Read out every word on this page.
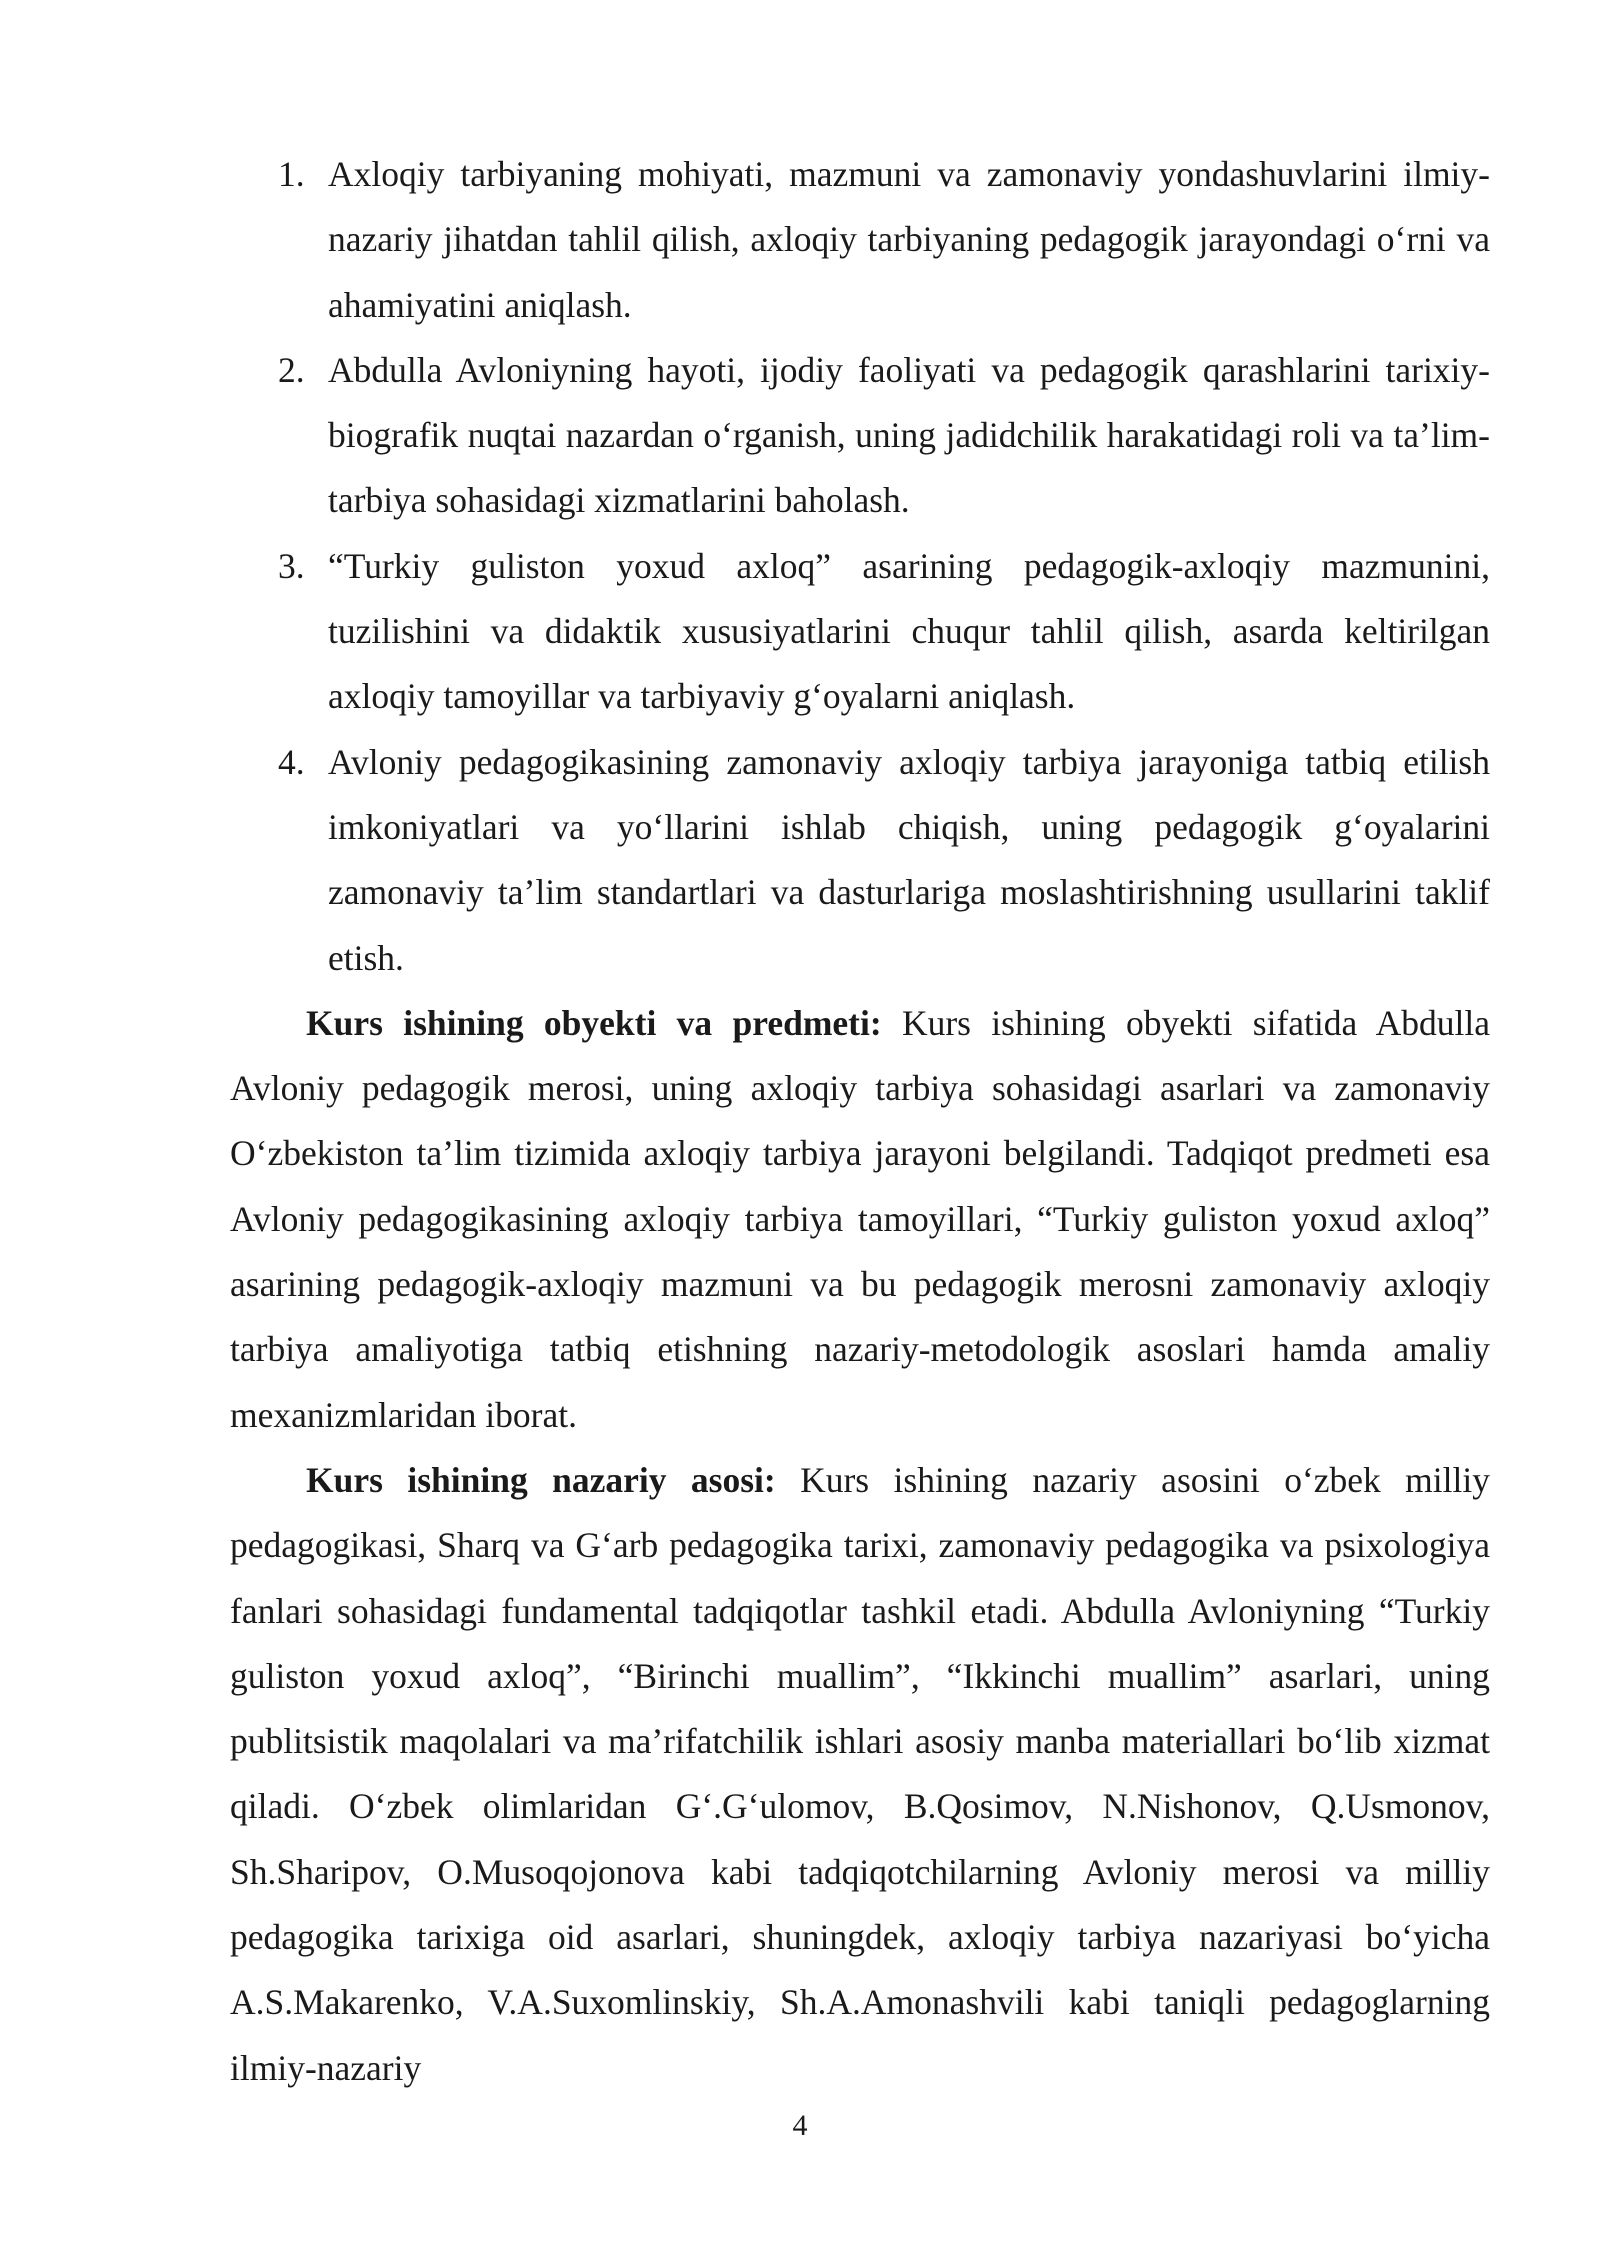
1. Axloqiy tarbiyaning mohiyati, mazmuni va zamonaviy yondashuvlarini ilmiy-nazariy jihatdan tahlil qilish, axloqiy tarbiyaning pedagogik jarayondagi o‘rni va ahamiyatini aniqlash.
2. Abdulla Avloniyning hayoti, ijodiy faoliyati va pedagogik qarashlarini tarixiy-biografik nuqtai nazardan o‘rganish, uning jadidchilik harakatidagi roli va ta’lim-tarbiya sohasidagi xizmatlarini baholash.
3. “Turkiy guliston yoxud axloq” asarining pedagogik-axloqiy mazmunini, tuzilishini va didaktik xususiyatlarini chuqur tahlil qilish, asarda keltirilgan axloqiy tamoyillar va tarbiyaviy g‘oyalarni aniqlash.
4. Avloniy pedagogikasining zamonaviy axloqiy tarbiya jarayoniga tatbiq etilish imkoniyatlari va yo‘llarini ishlab chiqish, uning pedagogik g‘oyalarini zamonaviy ta’lim standartlari va dasturlariga moslashtirishning usullarini taklif etish.

Kurs ishining obyekti va predmeti: Kurs ishining obyekti sifatida Abdulla Avloniy pedagogik merosi, uning axloqiy tarbiya sohasidagi asarlari va zamonaviy O‘zbekiston ta’lim tizimida axloqiy tarbiya jarayoni belgilandi. Tadqiqot predmeti esa Avloniy pedagogikasining axloqiy tarbiya tamoyillari, “Turkiy guliston yoxud axloq” asarining pedagogik-axloqiy mazmuni va bu pedagogik merosni zamonaviy axloqiy tarbiya amaliyotiga tatbiq etishning nazariy-metodologik asoslari hamda amaliy mexanizmlaridan iborat.

Kurs ishining nazariy asosi: Kurs ishining nazariy asosini o‘zbek milliy pedagogikasi, Sharq va G‘arb pedagogika tarixi, zamonaviy pedagogika va psixologiya fanlari sohasidagi fundamental tadqiqotlar tashkil etadi. Abdulla Avloniyning “Turkiy guliston yoxud axloq”, “Birinchi muallim”, “Ikkinchi muallim” asarlari, uning publitsistik maqolalari va ma’rifatchilik ishlari asosiy manba materiallari bo‘lib xizmat qiladi. O‘zbek olimlaridan G‘.G‘ulomov, B.Qosimov, N.Nishonov, Q.Usmonov, Sh.Sharipov, O.Musoqojonova kabi tadqiqotchilarning Avloniy merosi va milliy pedagogika tarixiga oid asarlari, shuningdek, axloqiy tarbiya nazariyasi bo‘yicha A.S.Makarenko, V.A.Suxomlinskiy, Sh.A.Amonashvili kabi taniqli pedagoglarning ilmiy-nazariy

4
